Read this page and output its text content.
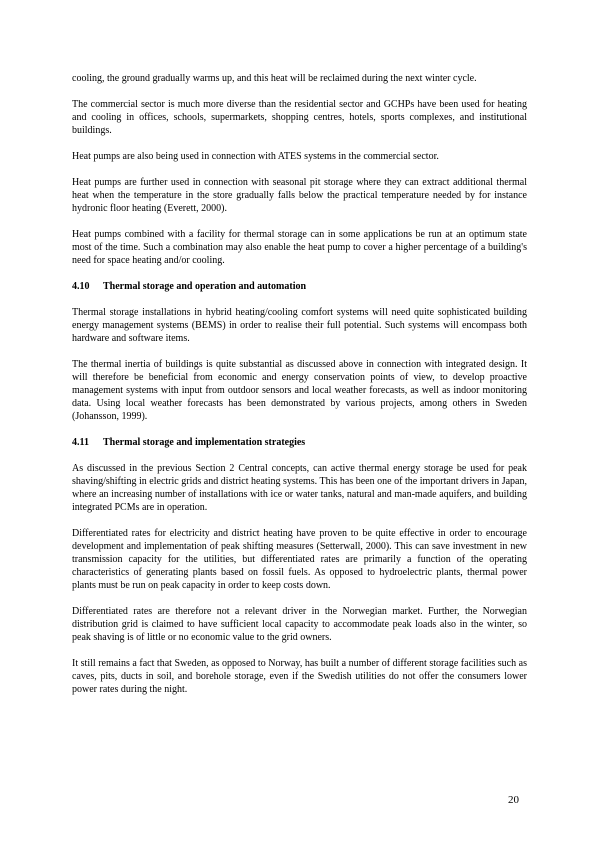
cooling, the ground gradually warms up, and this heat will be reclaimed during the next winter cycle.

The commercial sector is much more diverse than the residential sector and GCHPs have been used for heating and cooling in offices, schools, supermarkets, shopping centres, hotels, sports complexes, and institutional buildings.

Heat pumps are also being used in connection with ATES systems in the commercial sector.

Heat pumps are further used in connection with seasonal pit storage where they can extract additional thermal heat when the temperature in the store gradually falls below the practical temperature needed by for instance hydronic floor heating (Everett, 2000).

Heat pumps combined with a facility for thermal storage can in some applications be run at an optimum state most of the time. Such a combination may also enable the heat pump to cover a higher percentage of a building's need for space heating and/or cooling.

4.10 Thermal storage and operation and automation

Thermal storage installations in hybrid heating/cooling comfort systems will need quite sophisticated building energy management systems (BEMS) in order to realise their full potential. Such systems will encompass both hardware and software items.

The thermal inertia of buildings is quite substantial as discussed above in connection with integrated design. It will therefore be beneficial from economic and energy conservation points of view, to develop proactive management systems with input from outdoor sensors and local weather forecasts, as well as indoor monitoring data. Using local weather forecasts has been demonstrated by various projects, among others in Sweden (Johansson, 1999).

4.11 Thermal storage and implementation strategies

As discussed in the previous Section 2 Central concepts, can active thermal energy storage be used for peak shaving/shifting in electric grids and district heating systems. This has been one of the important drivers in Japan, where an increasing number of installations with ice or water tanks, natural and man-made aquifers, and building integrated PCMs are in operation.

Differentiated rates for electricity and district heating have proven to be quite effective in order to encourage development and implementation of peak shifting measures (Setterwall, 2000). This can save investment in new transmission capacity for the utilities, but differentiated rates are primarily a function of the operating characteristics of generating plants based on fossil fuels. As opposed to hydroelectric plants, thermal power plants must be run on peak capacity in order to keep costs down.

Differentiated rates are therefore not a relevant driver in the Norwegian market. Further, the Norwegian distribution grid is claimed to have sufficient local capacity to accommodate peak loads also in the winter, so peak shaving is of little or no economic value to the grid owners.

It still remains a fact that Sweden, as opposed to Norway, has built a number of different storage facilities such as caves, pits, ducts in soil, and borehole storage, even if the Swedish utilities do not offer the consumers lower power rates during the night.

20
